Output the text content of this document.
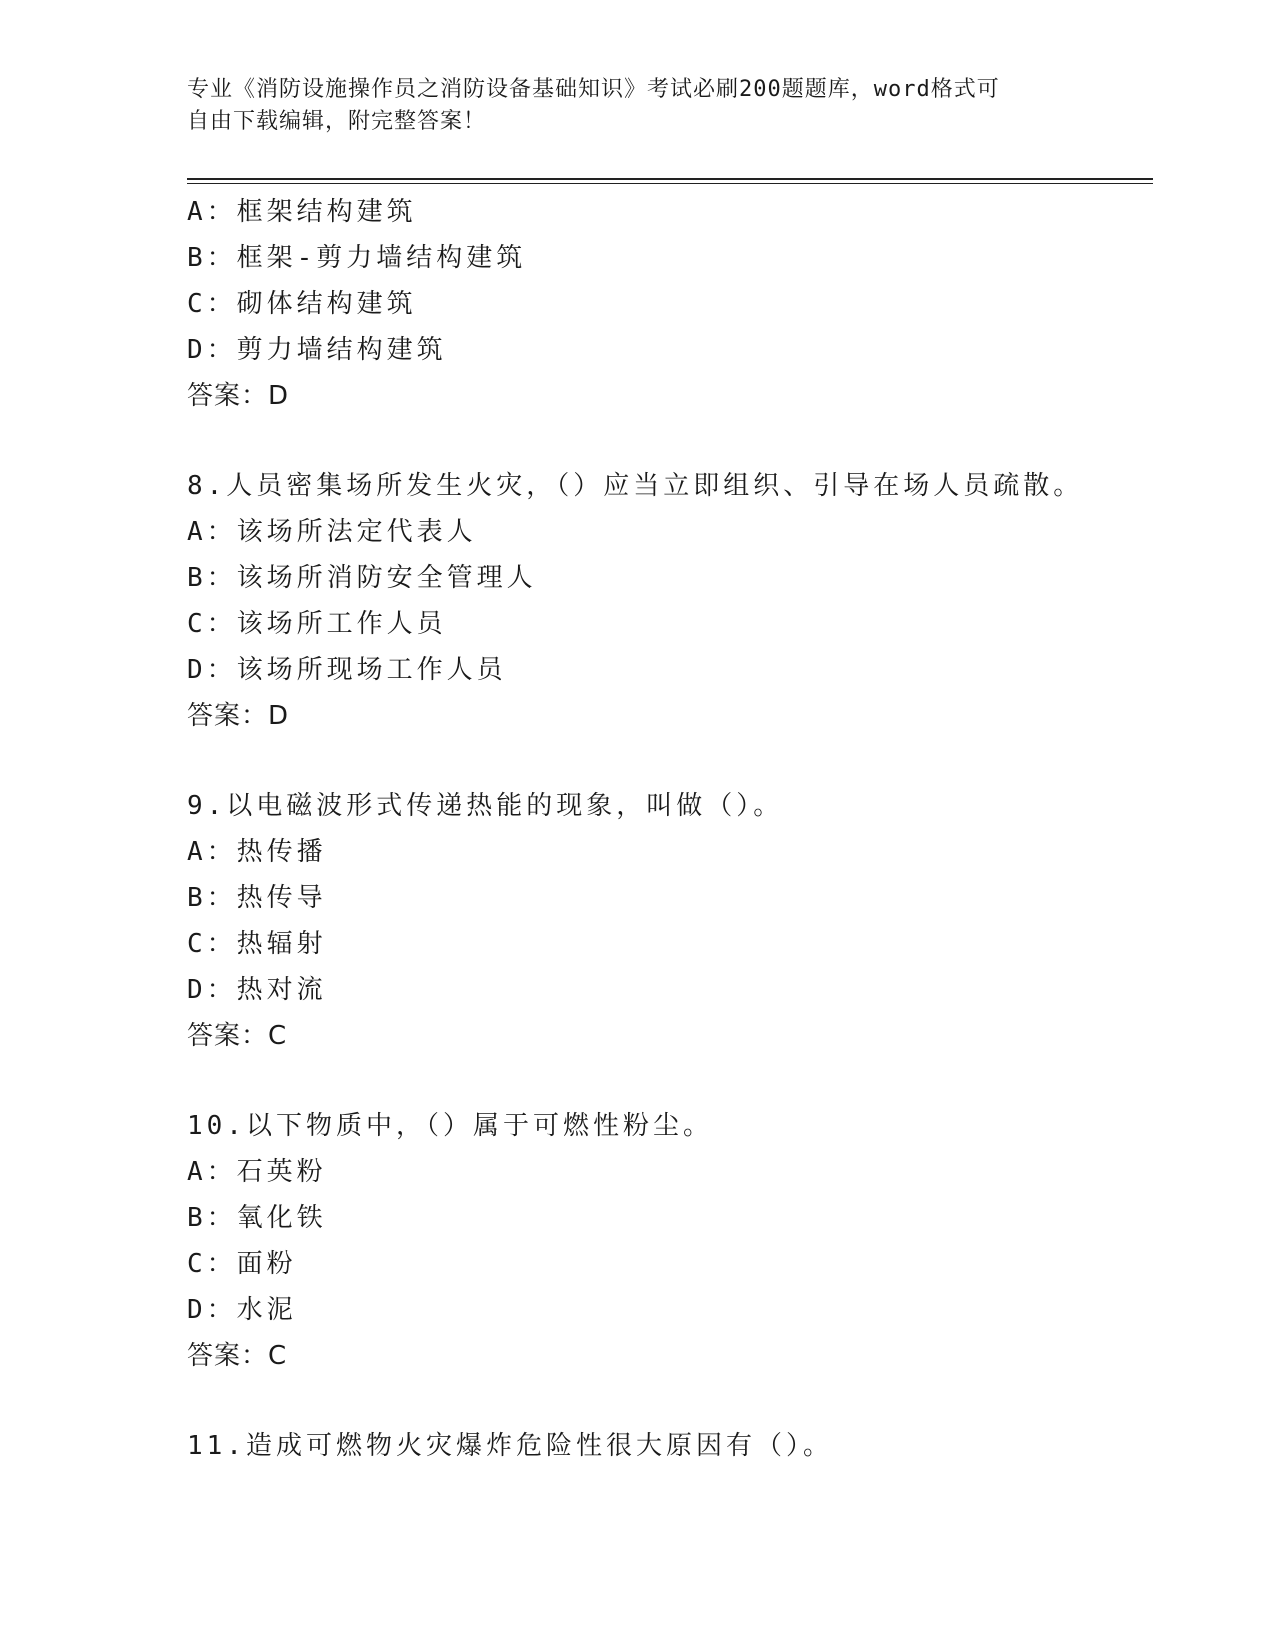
专业《消防设施操作员之消防设备基础知识》考试必刷200题题库，word格式可
自由下载编辑，附完整答案！
A：框架结构建筑
B：框架-剪力墙结构建筑
C：砌体结构建筑
D：剪力墙结构建筑
答案：D
8.人员密集场所发生火灾，（）应当立即组织、引导在场人员疏散。
A：该场所法定代表人
B：该场所消防安全管理人
C：该场所工作人员
D：该场所现场工作人员
答案：D
9.以电磁波形式传递热能的现象，叫做（）。
A：热传播
B：热传导
C：热辐射
D：热对流
答案：C
10.以下物质中，（）属于可燃性粉尘。
A：石英粉
B：氧化铁
C：面粉
D：水泥
答案：C
11.造成可燃物火灾爆炸危险性很大原因有（）。
